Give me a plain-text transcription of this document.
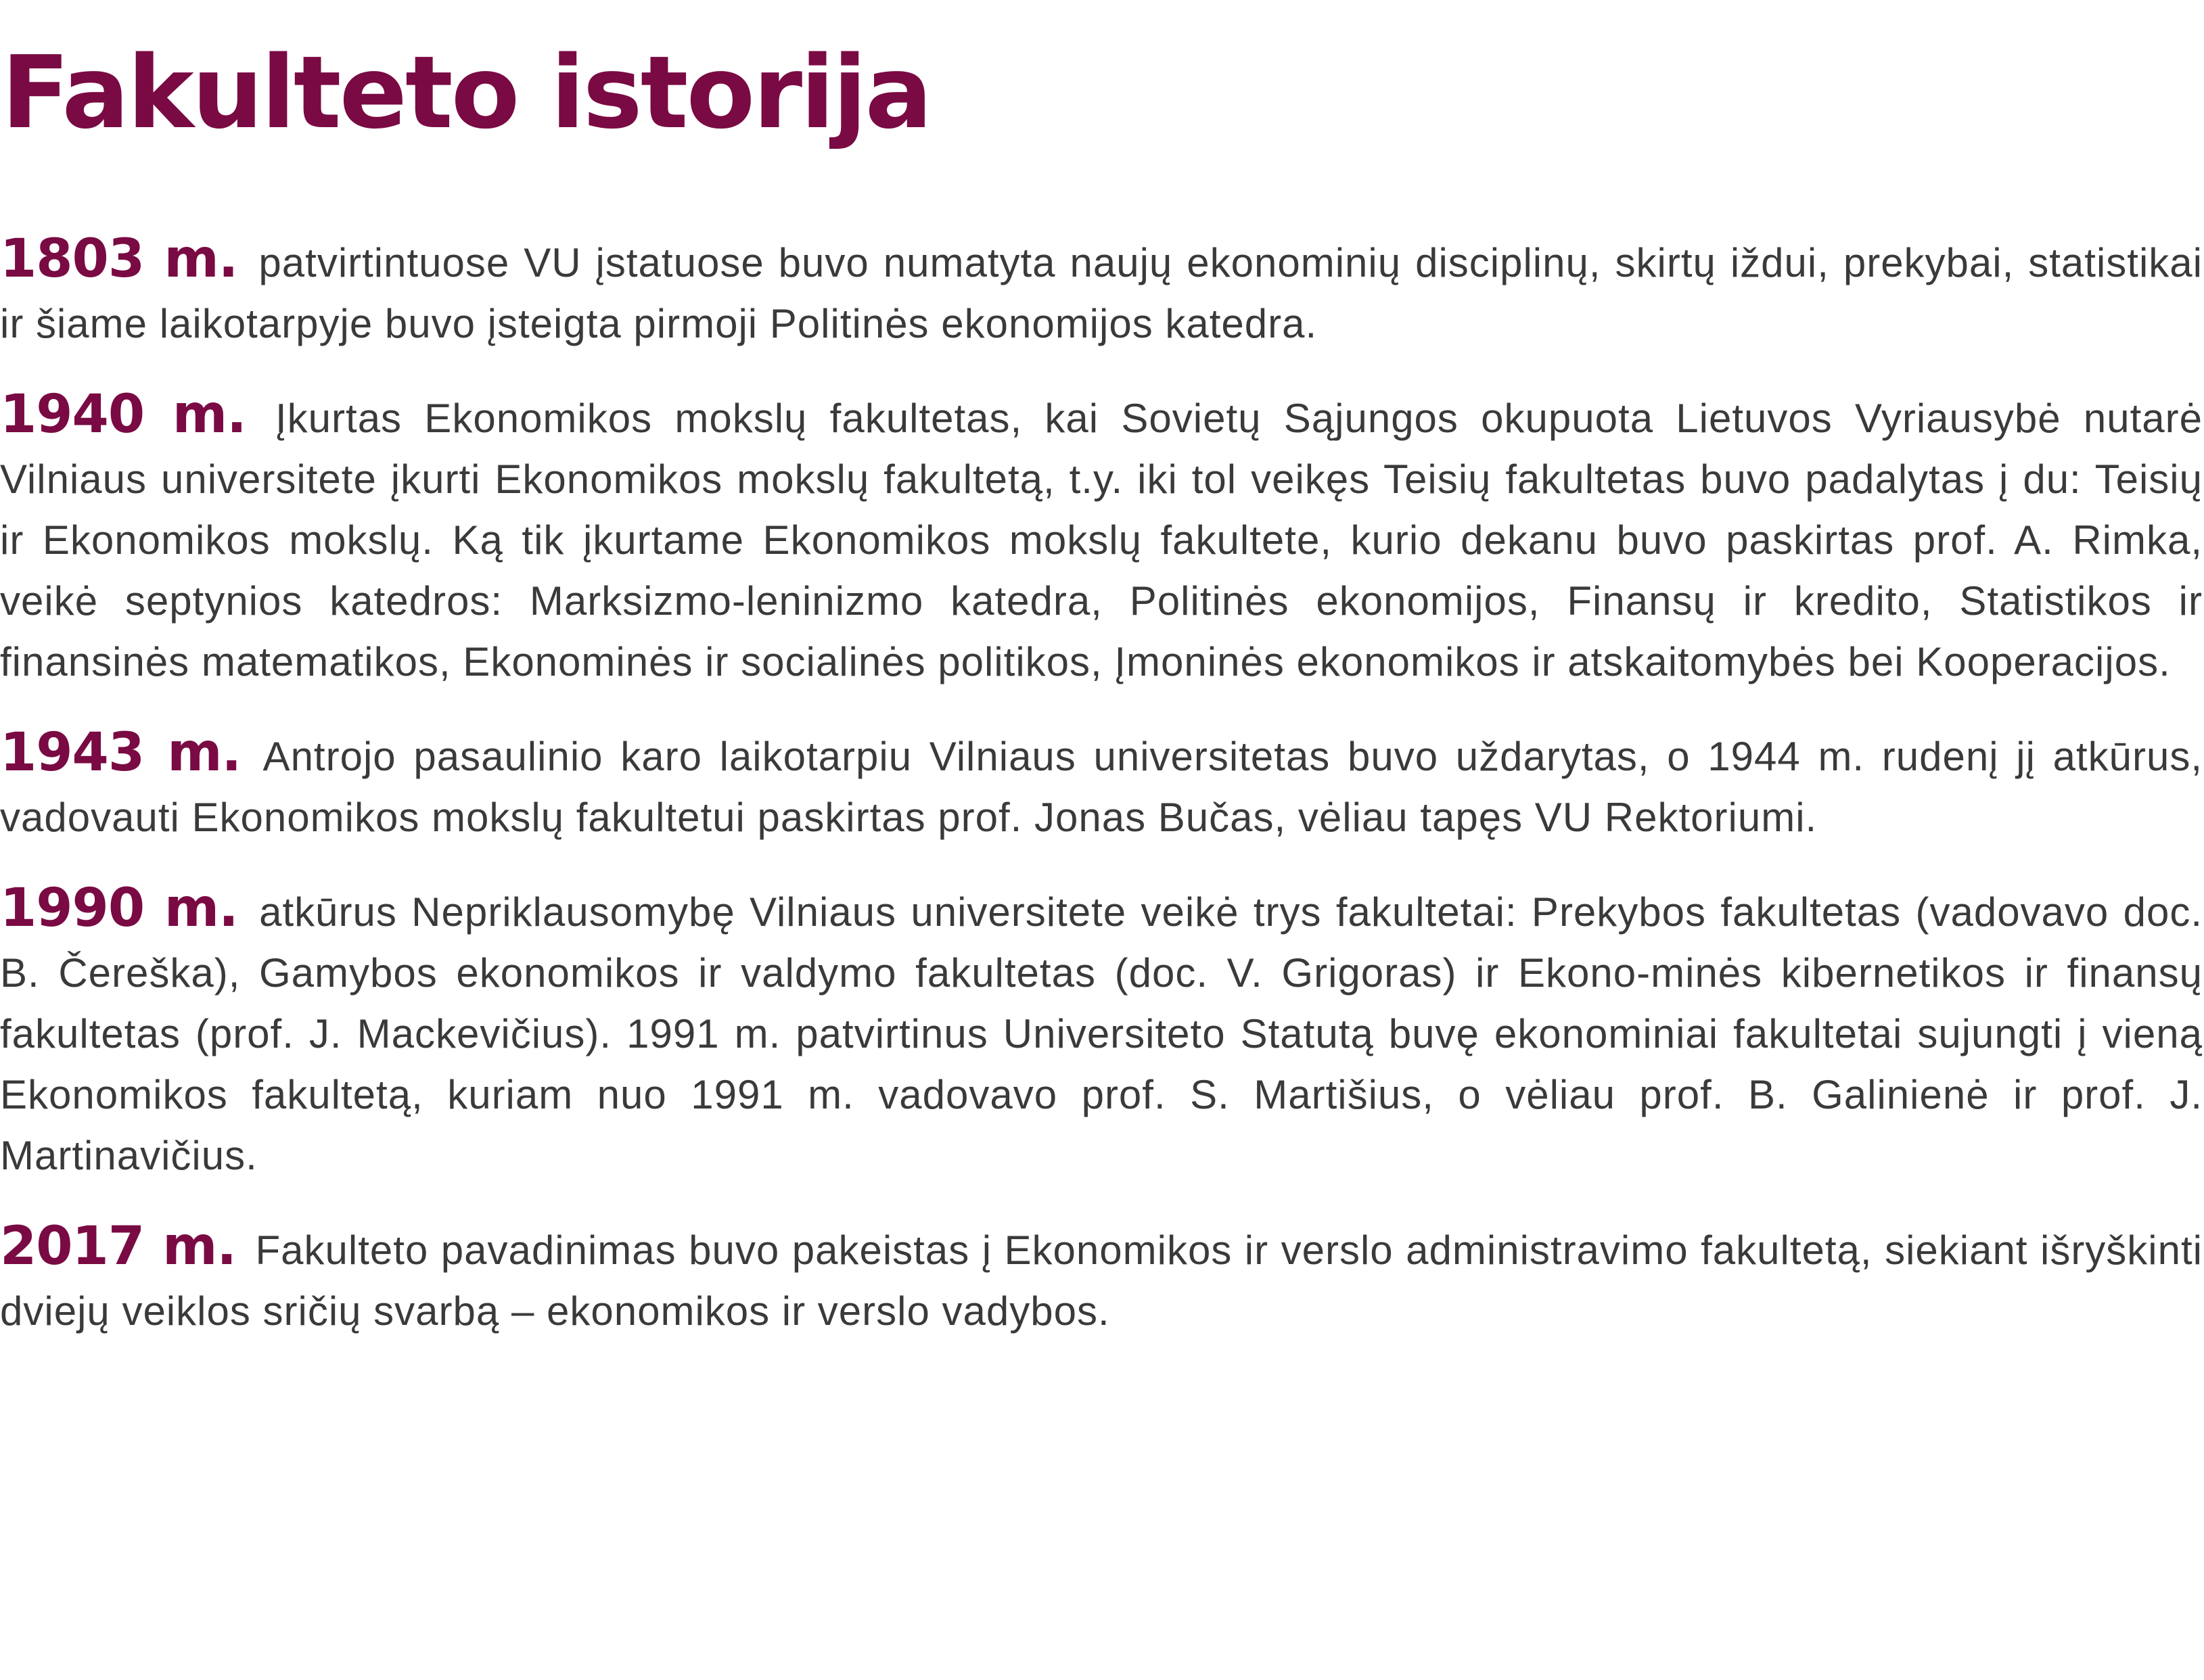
Fakulteto istorija

1803 m. patvirtintuose VU įstatuose buvo numatyta naujų ekonominių disciplinų, skirtų iždui, prekybai, statistikai ir šiame laikotarpyje buvo įsteigta pirmoji Politinės ekonomijos katedra.

1940 m. Įkurtas Ekonomikos mokslų fakultetas, kai Sovietų Sąjungos okupuota Lietuvos Vyriausybė nutarė Vilniaus universitete įkurti Ekonomikos mokslų fakultetą, t.y. iki tol veikęs Teisių fakultetas buvo padalytas į du: Teisių ir Ekonomikos mokslų. Ką tik įkurtame Ekonomikos mokslų fakultete, kurio dekanu buvo paskirtas prof. A. Rimka, veikė septynios katedros: Marksizmo-leninizmo katedra, Politinės ekonomijos, Finansų ir kredito, Statistikos ir finansinės matematikos, Ekonominės ir socialinės politikos, Įmoninės ekonomikos ir atskaitomybės bei Kooperacijos.

1943 m. Antrojo pasaulinio karo laikotarpiu Vilniaus universitetas buvo uždarytas, o 1944 m. rudenį jį atkūrus, vadovauti Ekonomikos mokslų fakultetui paskirtas prof. Jonas Bučas, vėliau tapęs VU Rektoriumi.

1990 m. atkūrus Nepriklausomybę Vilniaus universitete veikė trys fakultetai: Prekybos fakultetas (vadovavo doc. B. Čereška), Gamybos ekonomikos ir valdymo fakultetas (doc. V. Grigoras) ir Ekono-minės kibernetikos ir finansų fakultetas (prof. J. Mackevičius). 1991 m. patvirtinus Universiteto Statutą buvę ekonominiai fakultetai sujungti į vieną Ekonomikos fakultetą, kuriam nuo 1991 m. vadovavo prof. S. Martišius, o vėliau prof. B. Galinienė ir prof. J. Martinavičius.

2017 m. Fakulteto pavadinimas buvo pakeistas į Ekonomikos ir verslo administravimo fakultetą, siekiant išryškinti dviejų veiklos sričių svarbą – ekonomikos ir verslo vadybos.
